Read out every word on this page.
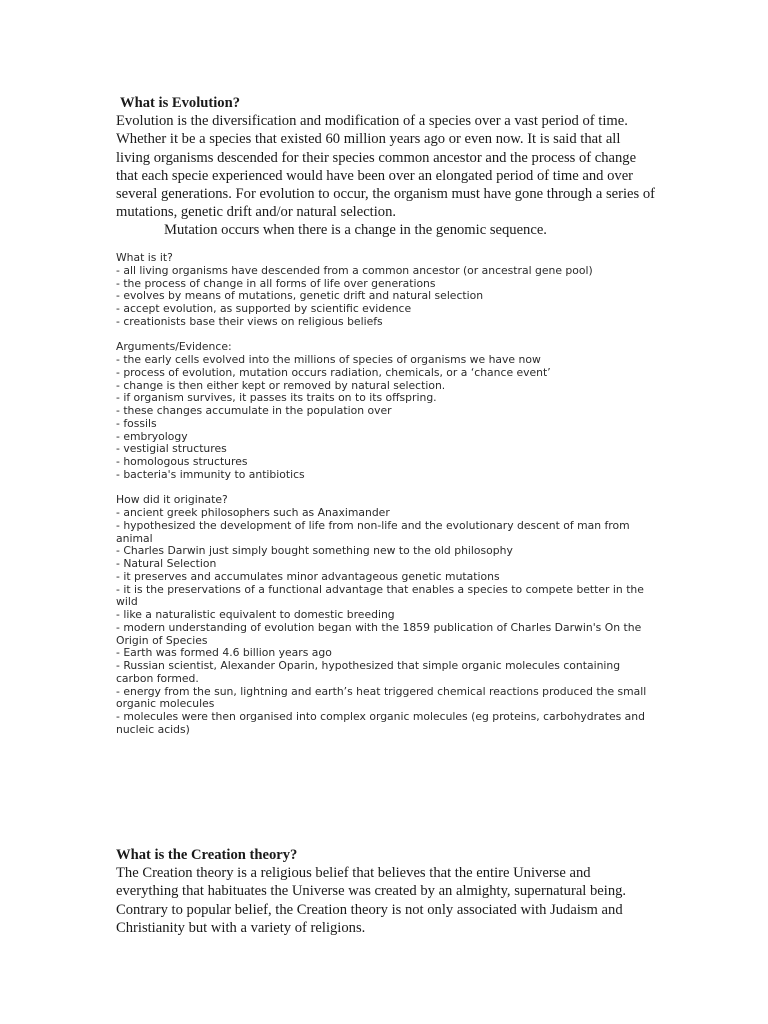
What is Evolution?

Evolution is the diversification and modification of a species over a vast period of time. Whether it be a species that existed 60 million years ago or even now. It is said that all living organisms descended for their species common ancestor and the process of change that each specie experienced would have been over an elongated period of time and over several generations. For evolution to occur, the organism must have gone through a series of mutations, genetic drift and/or natural selection.

Mutation occurs when there is a change in the genomic sequence.

What is it?
- all living organisms have descended from a common ancestor (or ancestral gene pool)
- the process of change in all forms of life over generations
- evolves by means of mutations, genetic drift and natural selection
- accept evolution, as supported by scientific evidence
- creationists base their views on religious beliefs
Arguments/Evidence:
- the early cells evolved into the millions of species of organisms we have now
- process of evolution, mutation occurs radiation, chemicals, or a ‘chance event’
- change is then either kept or removed by natural selection.
- if organism survives, it passes its traits on to its offspring.
- these changes accumulate in the population over
- fossils
- embryology
- vestigial structures
- homologous structures
- bacteria's immunity to antibiotics
How did it originate?
- ancient greek philosophers such as Anaximander
- hypothesized the development of life from non-life and the evolutionary descent of man from animal
- Charles Darwin just simply bought something new to the old philosophy
- Natural Selection
- it preserves and accumulates minor advantageous genetic mutations
- it is the preservations of a functional advantage that enables a species to compete better in the wild
- like a naturalistic equivalent to domestic breeding
- modern understanding of evolution began with the 1859 publication of Charles Darwin's On the Origin of Species
- Earth was formed 4.6 billion years ago
- Russian scientist, Alexander Oparin, hypothesized that simple organic molecules containing carbon formed.
- energy from the sun, lightning and earth’s heat triggered chemical reactions produced the small organic molecules
- molecules were then organised into complex organic molecules (eg proteins, carbohydrates and nucleic acids)
What is the Creation theory?

The Creation theory is a religious belief that believes that the entire Universe and everything that habituates the Universe was created by an almighty, supernatural being. Contrary to popular belief, the Creation theory is not only associated with Judaism and Christianity but with a variety of religions.
